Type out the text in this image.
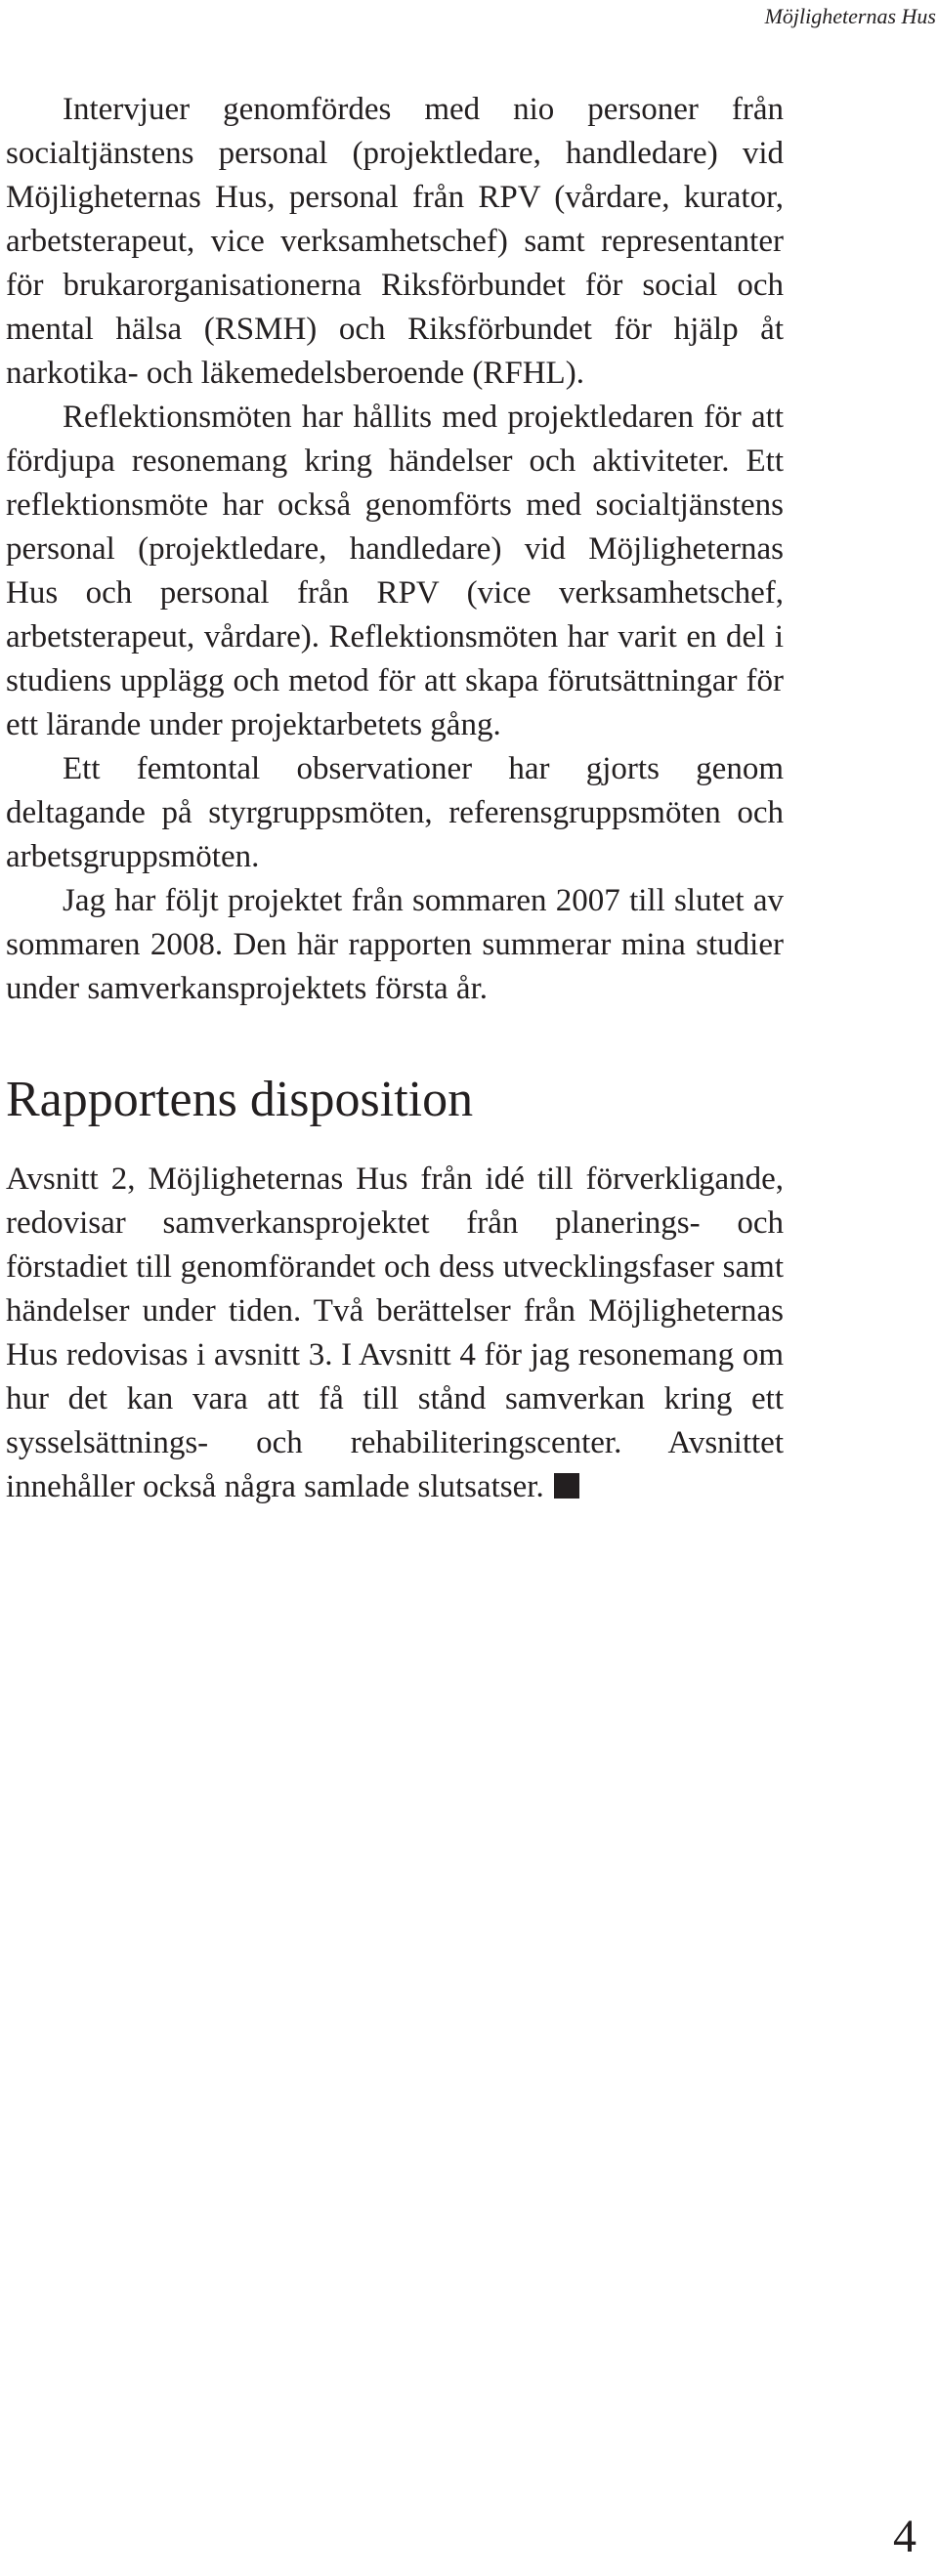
Möjligheternas Hus

Intervjuer genomfördes med nio personer från socialtjänstens personal (projektledare, handledare) vid Möjligheternas Hus, personal från RPV (vårdare, kurator, arbetsterapeut, vice verksamhetschef) samt representanter för brukarorganisationerna Riksförbundet för social och mental hälsa (RSMH) och Riksförbundet för hjälp åt narkotika- och läkemedelsberoende (RFHL).

Reflektionsmöten har hållits med projektledaren för att fördjupa resonemang kring händelser och aktiviteter. Ett reflektionsmöte har också genomförts med socialtjänstens personal (projektledare, handledare) vid Möjligheternas Hus och personal från RPV (vice verksamhetschef, arbetsterapeut, vårdare). Reflektionsmöten har varit en del i studiens upplägg och metod för att skapa förutsättningar för ett lärande under projektarbetets gång.

Ett femtontal observationer har gjorts genom deltagande på styrgruppsmöten, referensgruppsmöten och arbetsgruppsmöten.

Jag har följt projektet från sommaren 2007 till slutet av sommaren 2008. Den här rapporten summerar mina studier under samverkansprojektets första år.

Rapportens disposition

Avsnitt 2, Möjligheternas Hus från idé till förverkligande, redovisar samverkansprojektet från planerings- och förstadiet till genomförandet och dess utvecklingsfaser samt händelser under tiden. Två berättelser från Möjligheternas Hus redovisas i avsnitt 3. I Avsnitt 4 för jag resonemang om hur det kan vara att få till stånd samverkan kring ett sysselsättnings- och rehabiliteringscenter. Avsnittet innehåller också några samlade slutsatser.

4
